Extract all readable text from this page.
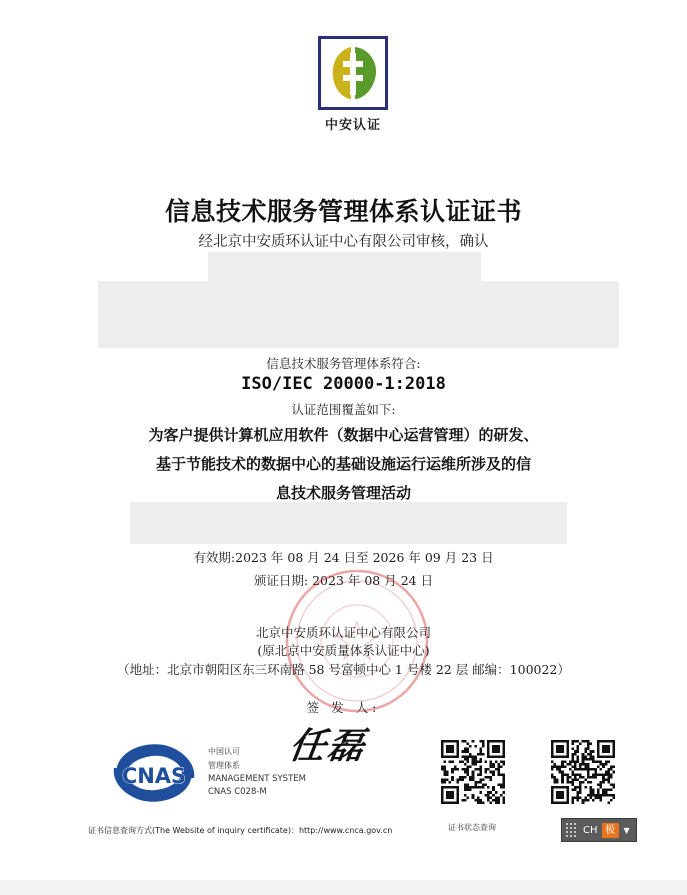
中安认证
信息技术服务管理体系认证证书
经北京中安质环认证中心有限公司审核，确认
信息技术服务管理体系符合:
ISO/IEC 20000-1:2018
认证范围覆盖如下:
为客户提供计算机应用软件（数据中心运营管理）的研发、
基于节能技术的数据中心的基础设施运行运维所涉及的信
息技术服务管理活动
有效期:2023 年 08 月 24 日至 2026 年 09 月 23 日
颁证日期: 2023 年 08 月 24 日
北京中安质环认证中心有限公司
(原北京中安质量体系认证中心)
（地址：北京市朝阳区东三环南路 58 号富顿中心 1 号楼 22 层 邮编：100022）
签 发 人:
任磊
CNAS
中国认可
管理体系
MANAGEMENT SYSTEM
CNAS C028-M
证书状态查询
证书信息查询方式(The Website of inquiry certificate)：http://www.cnca.gov.cn	CH 极	▼
